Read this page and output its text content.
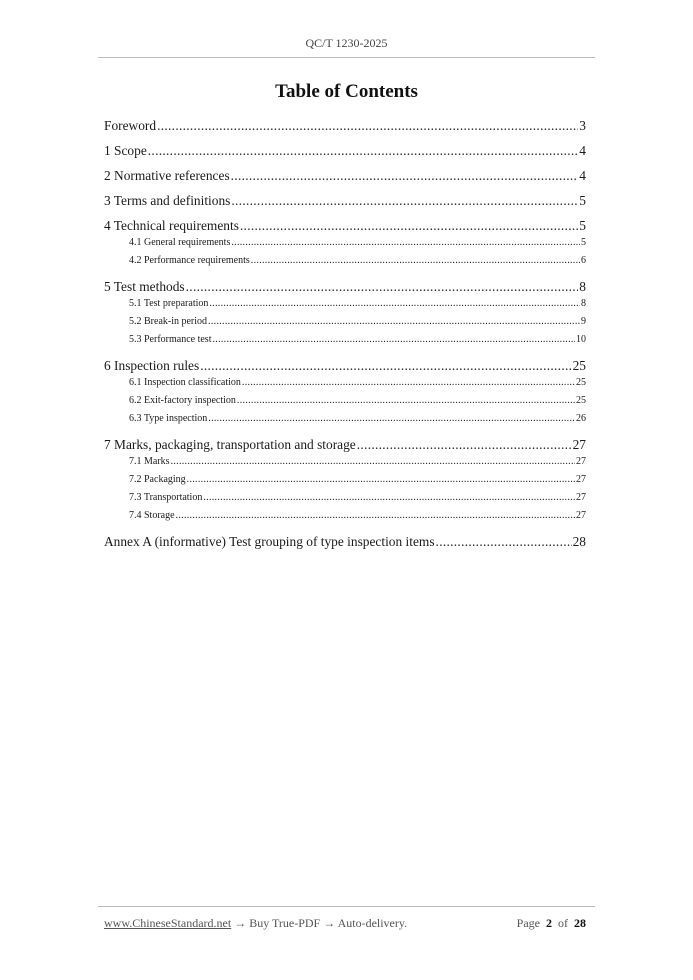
QC/T 1230-2025
Table of Contents
Foreword .....	3
1 Scope .....	4
2 Normative references .....	4
3 Terms and definitions .....	5
4 Technical requirements .....	5
4.1 General requirements .....	5
4.2 Performance requirements .....	6
5 Test methods .....	8
5.1 Test preparation .....	8
5.2 Break-in period .....	9
5.3 Performance test .....	10
6 Inspection rules .....	25
6.1 Inspection classification .....	25
6.2 Exit-factory inspection .....	25
6.3 Type inspection .....	26
7 Marks, packaging, transportation and storage .....	27
7.1 Marks .....	27
7.2 Packaging .....	27
7.3 Transportation .....	27
7.4 Storage .....	27
Annex A (informative) Test grouping of type inspection items .....	28
www.ChineseStandard.net → Buy True-PDF → Auto-delivery.	Page 2 of 28
